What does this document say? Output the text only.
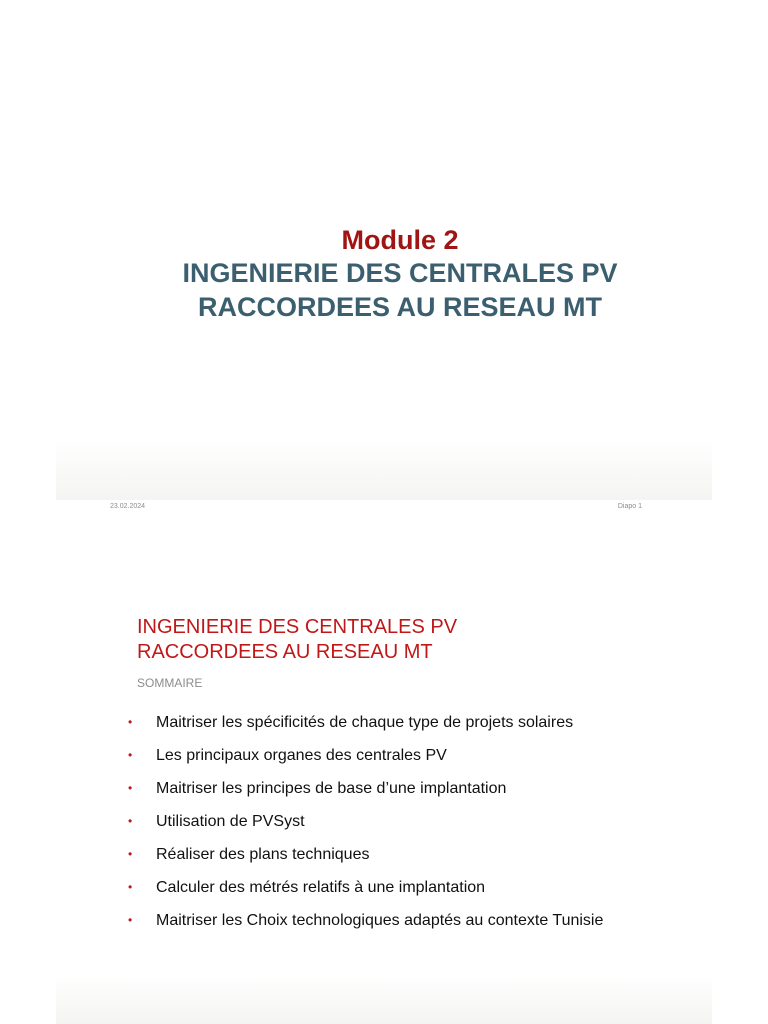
Module 2
INGENIERIE DES CENTRALES PV
RACCORDEES AU RESEAU MT
23.02.2024	Diapo 1
INGENIERIE DES CENTRALES PV
RACCORDEES AU RESEAU MT
SOMMAIRE
• Maitriser les spécificités de chaque type de projets solaires
• Les principaux organes des centrales PV
• Maitriser les principes de base d’une implantation
• Utilisation de PVSyst
• Réaliser des plans techniques
• Calculer des métrés relatifs à une implantation
• Maitriser les Choix technologiques adaptés au contexte Tunisie
